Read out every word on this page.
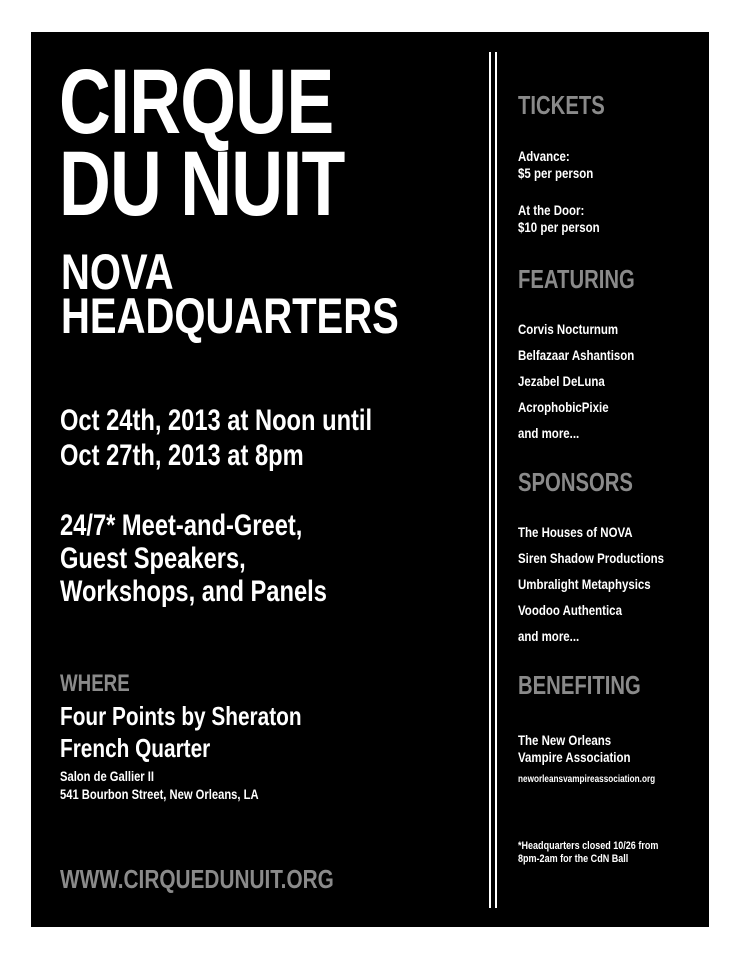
CIRQUE
DU NUIT
NOVA
HEADQUARTERS
Oct 24th, 2013 at Noon until
Oct 27th, 2013 at 8pm
24/7* Meet-and-Greet,
Guest Speakers,
Workshops, and Panels
WHERE
Four Points by Sheraton
French Quarter
Salon de Gallier II
541 Bourbon Street, New Orleans, LA
WWW.CIRQUEDUNUIT.ORG
TICKETS
Advance:
$5 per person
At the Door:
$10 per person
FEATURING
Corvis Nocturnum
Belfazaar Ashantison
Jezabel DeLuna
AcrophobicPixie
and more...
SPONSORS
The Houses of NOVA
Siren Shadow Productions
Umbralight Metaphysics
Voodoo Authentica
and more...
BENEFITING
The New Orleans
Vampire Association
neworleansvampireassociation.org
*Headquarters closed 10/26 from
8pm-2am for the CdN Ball
